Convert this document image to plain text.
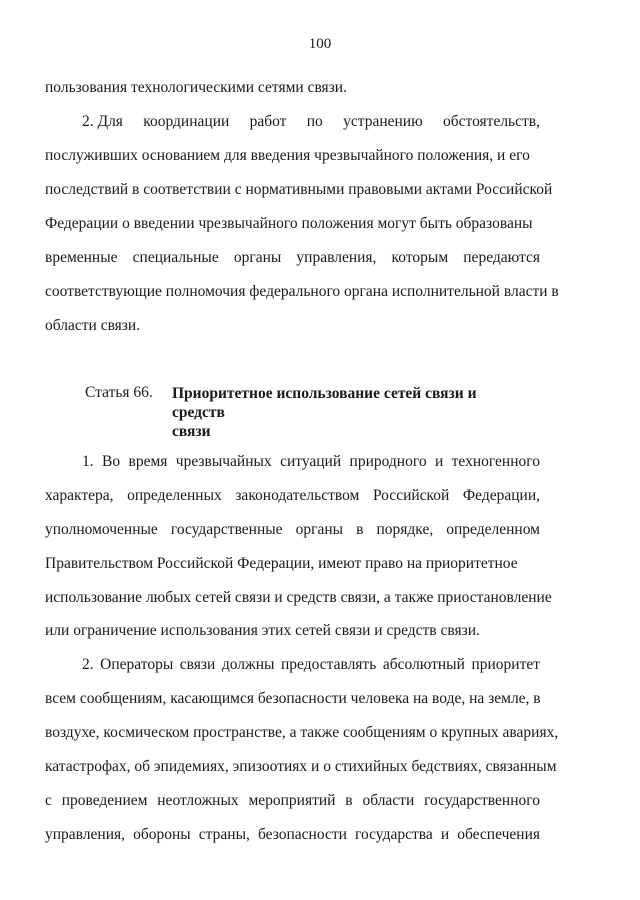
100
пользования технологическими сетями связи.
2. Для координации работ по устранению обстоятельств,
послуживших основанием для введения чрезвычайного положения, и его
последствий в соответствии с нормативными правовыми актами Российской
Федерации о введении чрезвычайного положения могут быть образованы
временные специальные органы управления, которым передаются
соответствующие полномочия федерального органа исполнительной власти в
области связи.
Статья 66. Приоритетное использование сетей связи и средств
связи
1. Во время чрезвычайных ситуаций природного и техногенного
характера, определенных законодательством Российской Федерации,
уполномоченные государственные органы в порядке, определенном
Правительством Российской Федерации, имеют право на приоритетное
использование любых сетей связи и средств связи, а также приостановление
или ограничение использования этих сетей связи и средств связи.
2. Операторы связи должны предоставлять абсолютный приоритет
всем сообщениям, касающимся безопасности человека на воде, на земле, в
воздухе, космическом пространстве, а также сообщениям о крупных авариях,
катастрофах, об эпидемиях, эпизоотиях и о стихийных бедствиях, связанным
с проведением неотложных мероприятий в области государственного
управления, обороны страны, безопасности государства и обеспечения
